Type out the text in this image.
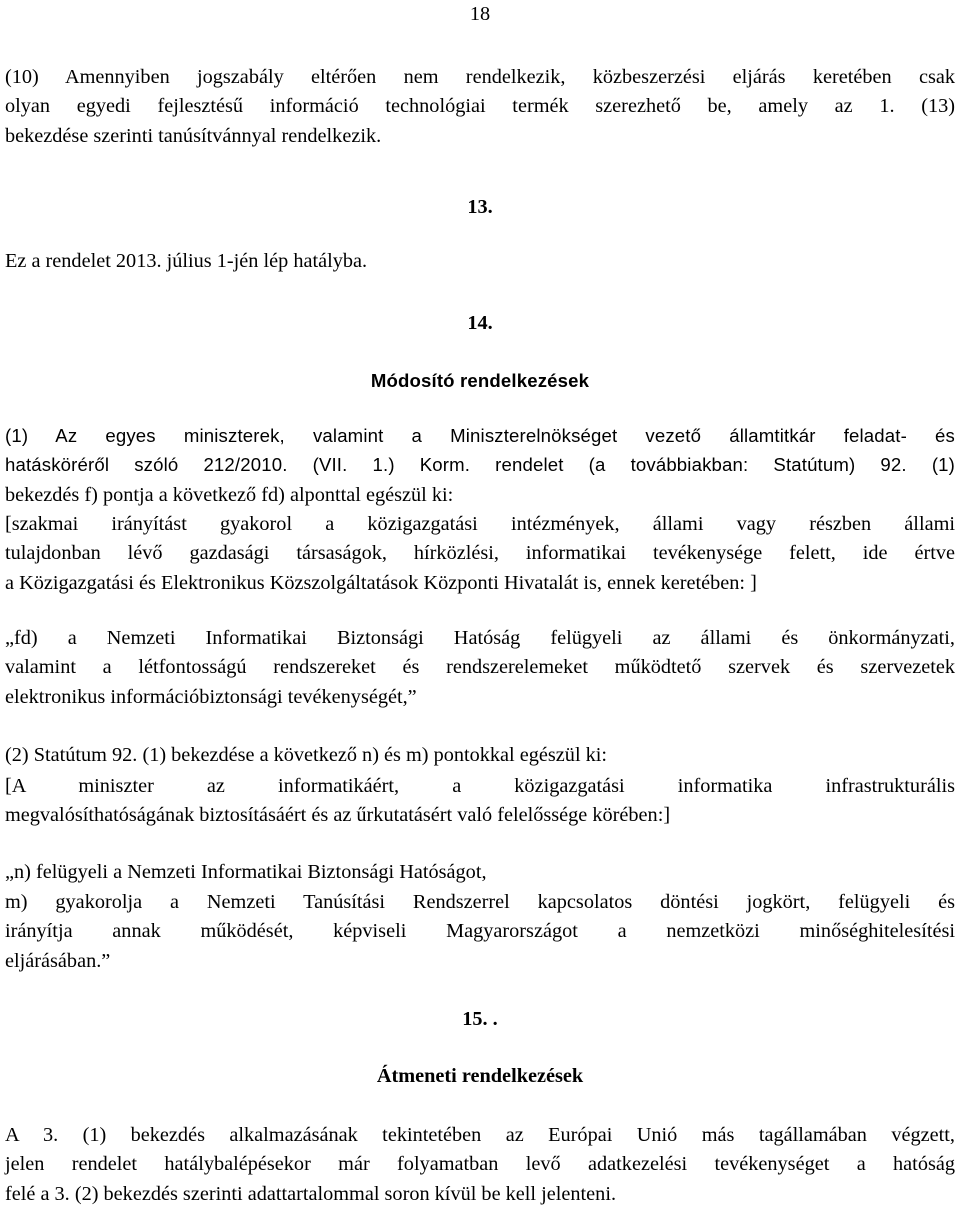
18
(10) Amennyiben jogszabály eltérően nem rendelkezik, közbeszerzési eljárás keretében csak
olyan egyedi fejlesztésű információ technológiai termék szerezhető be, amely az 1. (13)
bekezdése szerinti tanúsítvánnyal rendelkezik.
13.
Ez a rendelet 2013. július 1-jén lép hatályba.
14.
Módosító rendelkezések
(1) Az egyes miniszterek, valamint a Miniszterelnökséget vezető államtitkár feladat- és
hatásköréről szóló 212/2010. (VII. 1.) Korm. rendelet (a továbbiakban: Statútum) 92. (1)
bekezdés f) pontja a következő fd) alponttal egészül ki:
[szakmai irányítást gyakorol a közigazgatási intézmények, állami vagy részben állami
tulajdonban lévő gazdasági társaságok, hírközlési, informatikai tevékenysége felett, ide értve
a Közigazgatási és Elektronikus Közszolgáltatások Központi Hivatalát is, ennek keretében: ]
„fd) a Nemzeti Informatikai Biztonsági Hatóság felügyeli az állami és önkormányzati,
valamint a létfontosságú rendszereket és rendszerelemeket működtető szervek és szervezetek
elektronikus információbiztonsági tevékenységét,”
(2) Statútum 92. (1) bekezdése a következő n) és m) pontokkal egészül ki:
[A miniszter az informatikáért, a közigazgatási informatika infrastrukturális
megvalósíthatóságának biztosításáért és az űrkutatásért való felelőssége körében:]
„n) felügyeli a Nemzeti Informatikai Biztonsági Hatóságot,
m) gyakorolja a Nemzeti Tanúsítási Rendszerrel kapcsolatos döntési jogkört, felügyeli és
irányítja annak működését, képviseli Magyarországot a nemzetközi minőséghitelesítési
eljárásában.”
15. .
Átmeneti rendelkezések
A 3. (1) bekezdés alkalmazásának tekintetében az Európai Unió más tagállamában végzett,
jelen rendelet hatálybalépésekor már folyamatban levő adatkezelési tevékenységet a hatóság
felé a 3. (2) bekezdés szerinti adattartalommal soron kívül be kell jelenteni.
